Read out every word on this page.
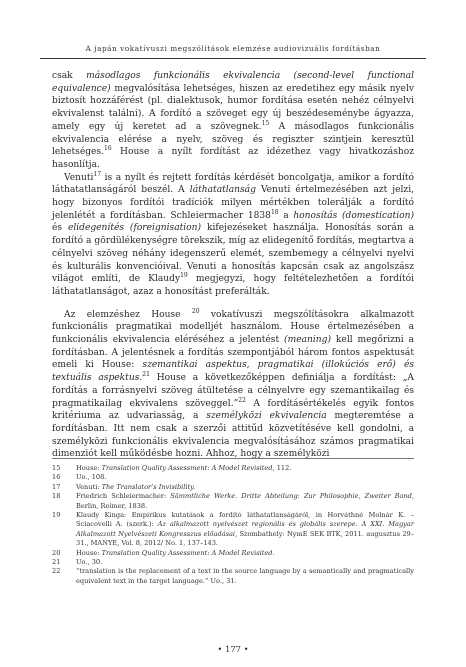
A japán vokatívuszi megszólítások elemzése audiovizuális fordításban

csak másodlagos funkcionális ekvivalencia (second-level functional equivalence) megvalósítása lehetséges, hiszen az eredetihez egy másik nyelv biztosít hozzáférést (pl. dialektusok, humor fordítása esetén nehéz célnyelvi ekvivalenst találni). A fordító a szöveget egy új beszédeseménybe ágyazza, amely egy új keretet ad a szövegnek.$^{15}$ A másodlagos funkcionális ekvivalencia elérése a nyelv, szöveg és regiszter szintjein keresztül lehetséges.$^{16}$ House a nyílt fordítást az idézethez vagy hivatkozáshoz hasonlítja.

Venuti$^{17}$ is a nyílt és rejtett fordítás kérdését boncolgatja, amikor a fordító láthatatlanságáról beszél. A láthatatlanság Venuti értelmezésében azt jelzi, hogy bizonyos fordítói tradíciók milyen mértékben tolerálják a fordító jelenlétét a fordításban. Schleiermacher 1838$^{18}$ a honosítás (domestication) és elidegenítés (foreignisation) kifejezéseket használja. Honosítás során a fordító a gördülékenységre törekszik, míg az elidegenítő fordítás, megtartva a célnyelvi szöveg néhány idegenszerű elemét, szembemegy a célnyelvi nyelvi és kulturális konvencióival. Venuti a honosítás kapcsán csak az angolszász világot említi, de Klaudy$^{19}$ megjegyzi, hogy feltételezhetően a fordítói láthatatlanságot, azaz a honosítást preferálták.

Az elemzéshez House $^{20}$ vokatívuszi megszólításokra alkalmazott funkcionális pragmatikai modelljét használom. House értelmezésében a funkcionális ekvivalencia eléréséhez a jelentést (meaning) kell megőrizni a fordításban. A jelentésnek a fordítás szempontjából három fontos aspektusát emeli ki House: szemantikai aspektus, pragmatikai (illokúciós erő) és textuális aspektus.$^{21}$ House a következőképpen definiálja a fordítást: „A fordítás a forrásnyelvi szöveg átültetése a célnyelvre egy szemantikailag és pragmatikailag ekvivalens szöveggel.”$^{22}$ A fordításértékelés egyik fontos kritériuma az udvariasság, a személyközi ekvivalencia megteremtése a fordításban. Itt nem csak a szerzői attitűd közvetítéséve kell gondolni, a személyközi funkcionális ekvivalencia megvalósításához számos pragmatikai dimenziót kell működésbe hozni. Ahhoz, hogy a személyközi

15	House: Translation Quality Assessment: A Model Revisited, 112.
16	Uo., 108.
17	Venuti: The Translator’s Invisibility.
18	Friedrich Schleiermacher: Sämmtliche Werke. Dritte Abteilung: Zur Philosophie, Zweiter Band, Berlin, Reimer, 1838.
19	Klaudy Kinga: Empirikus kutatások a fordító láthatatlanságáról, in Horváthné Molnár K. – Sciacovelli A. (szerk.): Az alkalmazott nyelvészet regionális és globális szerepe. A XXI. Magyar Alkalmazott Nyelvészeti Kongresszus előadásai, Szombathely: NymE SEK BTK, 2011. augusztus 29–31., MANYE, Vol. 8, 2012/ No. 1, 137–143.
20	House: Translation Quality Assessment: A Model Revisited.
21	Uo., 30.
22	“translation is the replacement of a text in the source language by a semantically and pragmatically equivalent text in the target language.” Uo., 31.
• 177 •
